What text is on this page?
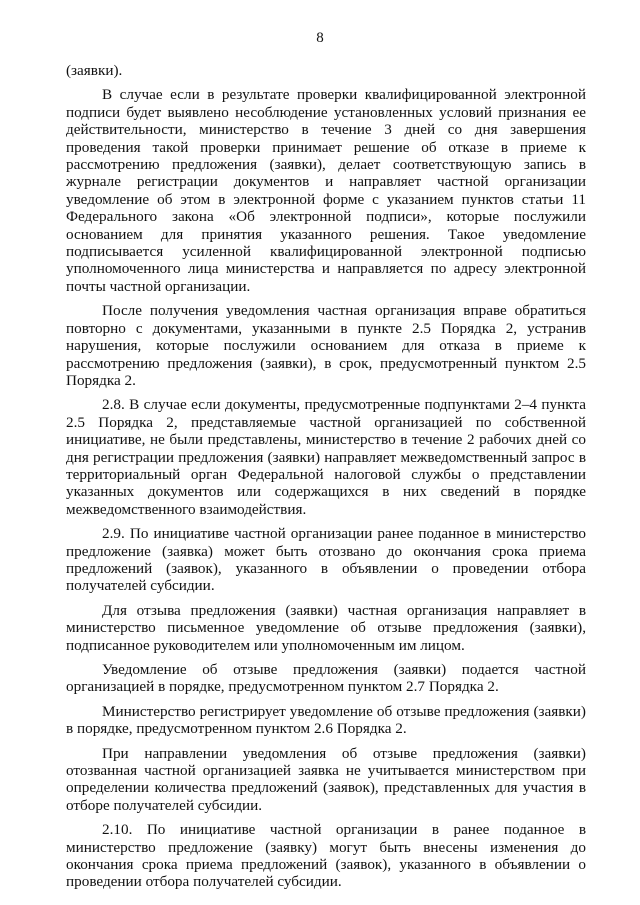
8

(заявки).

В случае если в результате проверки квалифицированной электронной подписи будет выявлено несоблюдение установленных условий признания ее действительности, министерство в течение 3 дней со дня завершения проведения такой проверки принимает решение об отказе в приеме к рассмотрению предложения (заявки), делает соответствующую запись в журнале регистрации документов и направляет частной организации уведомление об этом в электронной форме с указанием пунктов статьи 11 Федерального закона «Об электронной подписи», которые послужили основанием для принятия указанного решения. Такое уведомление подписывается усиленной квалифицированной электронной подписью уполномоченного лица министерства и направляется по адресу электронной почты частной организации.

После получения уведомления частная организация вправе обратиться повторно с документами, указанными в пункте 2.5 Порядка 2, устранив нарушения, которые послужили основанием для отказа в приеме к рассмотрению предложения (заявки), в срок, предусмотренный пунктом 2.5 Порядка 2.

2.8. В случае если документы, предусмотренные подпунктами 2–4 пункта 2.5 Порядка 2, представляемые частной организацией по собственной инициативе, не были представлены, министерство в течение 2 рабочих дней со дня регистрации предложения (заявки) направляет межведомственный запрос в территориальный орган Федеральной налоговой службы о представлении указанных документов или содержащихся в них сведений в порядке межведомственного взаимодействия.

2.9. По инициативе частной организации ранее поданное в министерство предложение (заявка) может быть отозвано до окончания срока приема предложений (заявок), указанного в объявлении о проведении отбора получателей субсидии.

Для отзыва предложения (заявки) частная организация направляет в министерство письменное уведомление об отзыве предложения (заявки), подписанное руководителем или уполномоченным им лицом.

Уведомление об отзыве предложения (заявки) подается частной организацией в порядке, предусмотренном пунктом 2.7 Порядка 2.

Министерство регистрирует уведомление об отзыве предложения (заявки) в порядке, предусмотренном пунктом 2.6 Порядка 2.

При направлении уведомления об отзыве предложения (заявки) отозванная частной организацией заявка не учитывается министерством при определении количества предложений (заявок), представленных для участия в отборе получателей субсидии.

2.10. По инициативе частной организации в ранее поданное в министерство предложение (заявку) могут быть внесены изменения до окончания срока приема предложений (заявок), указанного в объявлении о проведении отбора получателей субсидии.
